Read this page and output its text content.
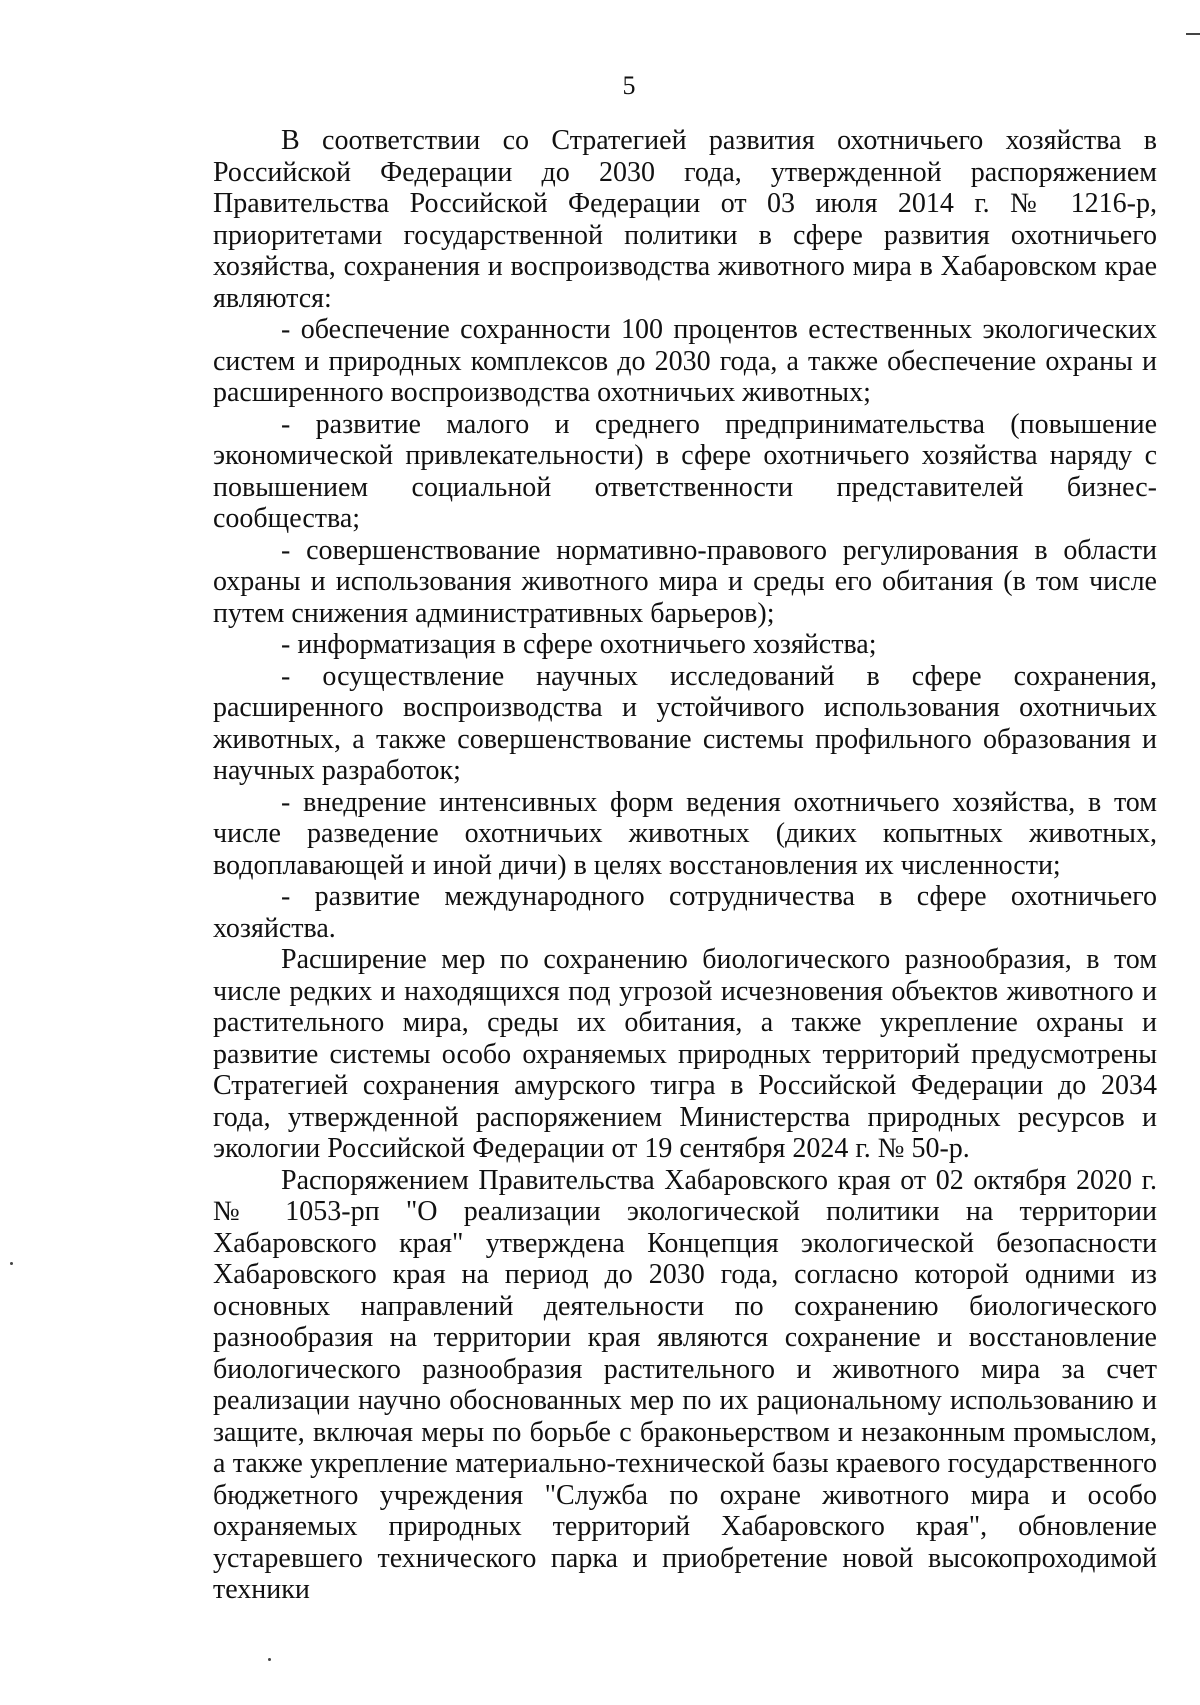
5

В соответствии со Стратегией развития охотничьего хозяйства в Российской Федерации до 2030 года, утвержденной распоряжением Правительства Российской Федерации от 03 июля 2014 г. № 1216-р, приоритетами государственной политики в сфере развития охотничьего хозяйства, сохранения и воспроизводства животного мира в Хабаровском крае являются:

- обеспечение сохранности 100 процентов естественных экологических систем и природных комплексов до 2030 года, а также обеспечение охраны и расширенного воспроизводства охотничьих животных;

- развитие малого и среднего предпринимательства (повышение экономической привлекательности) в сфере охотничьего хозяйства наряду с повышением социальной ответственности представителей бизнес-сообщества;

- совершенствование нормативно-правового регулирования в области охраны и использования животного мира и среды его обитания (в том числе путем снижения административных барьеров);

- информатизация в сфере охотничьего хозяйства;

- осуществление научных исследований в сфере сохранения, расширенного воспроизводства и устойчивого использования охотничьих животных, а также совершенствование системы профильного образования и научных разработок;

- внедрение интенсивных форм ведения охотничьего хозяйства, в том числе разведение охотничьих животных (диких копытных животных, водоплавающей и иной дичи) в целях восстановления их численности;

- развитие международного сотрудничества в сфере охотничьего хозяйства.

Расширение мер по сохранению биологического разнообразия, в том числе редких и находящихся под угрозой исчезновения объектов животного и растительного мира, среды их обитания, а также укрепление охраны и развитие системы особо охраняемых природных территорий предусмотрены Стратегией сохранения амурского тигра в Российской Федерации до 2034 года, утвержденной распоряжением Министерства природных ресурсов и экологии Российской Федерации от 19 сентября 2024 г. № 50-р.

Распоряжением Правительства Хабаровского края от 02 октября 2020 г. № 1053-рп "О реализации экологической политики на территории Хабаровского края" утверждена Концепция экологической безопасности Хабаровского края на период до 2030 года, согласно которой одними из основных направлений деятельности по сохранению биологического разнообразия на территории края являются сохранение и восстановление биологического разнообразия растительного и животного мира за счет реализации научно обоснованных мер по их рациональному использованию и защите, включая меры по борьбе с браконьерством и незаконным промыслом, а также укрепление материально-технической базы краевого государственного бюджетного учреждения "Служба по охране животного мира и особо охраняемых природных территорий Хабаровского края", обновление устаревшего технического парка и приобретение новой высокопроходимой техники
